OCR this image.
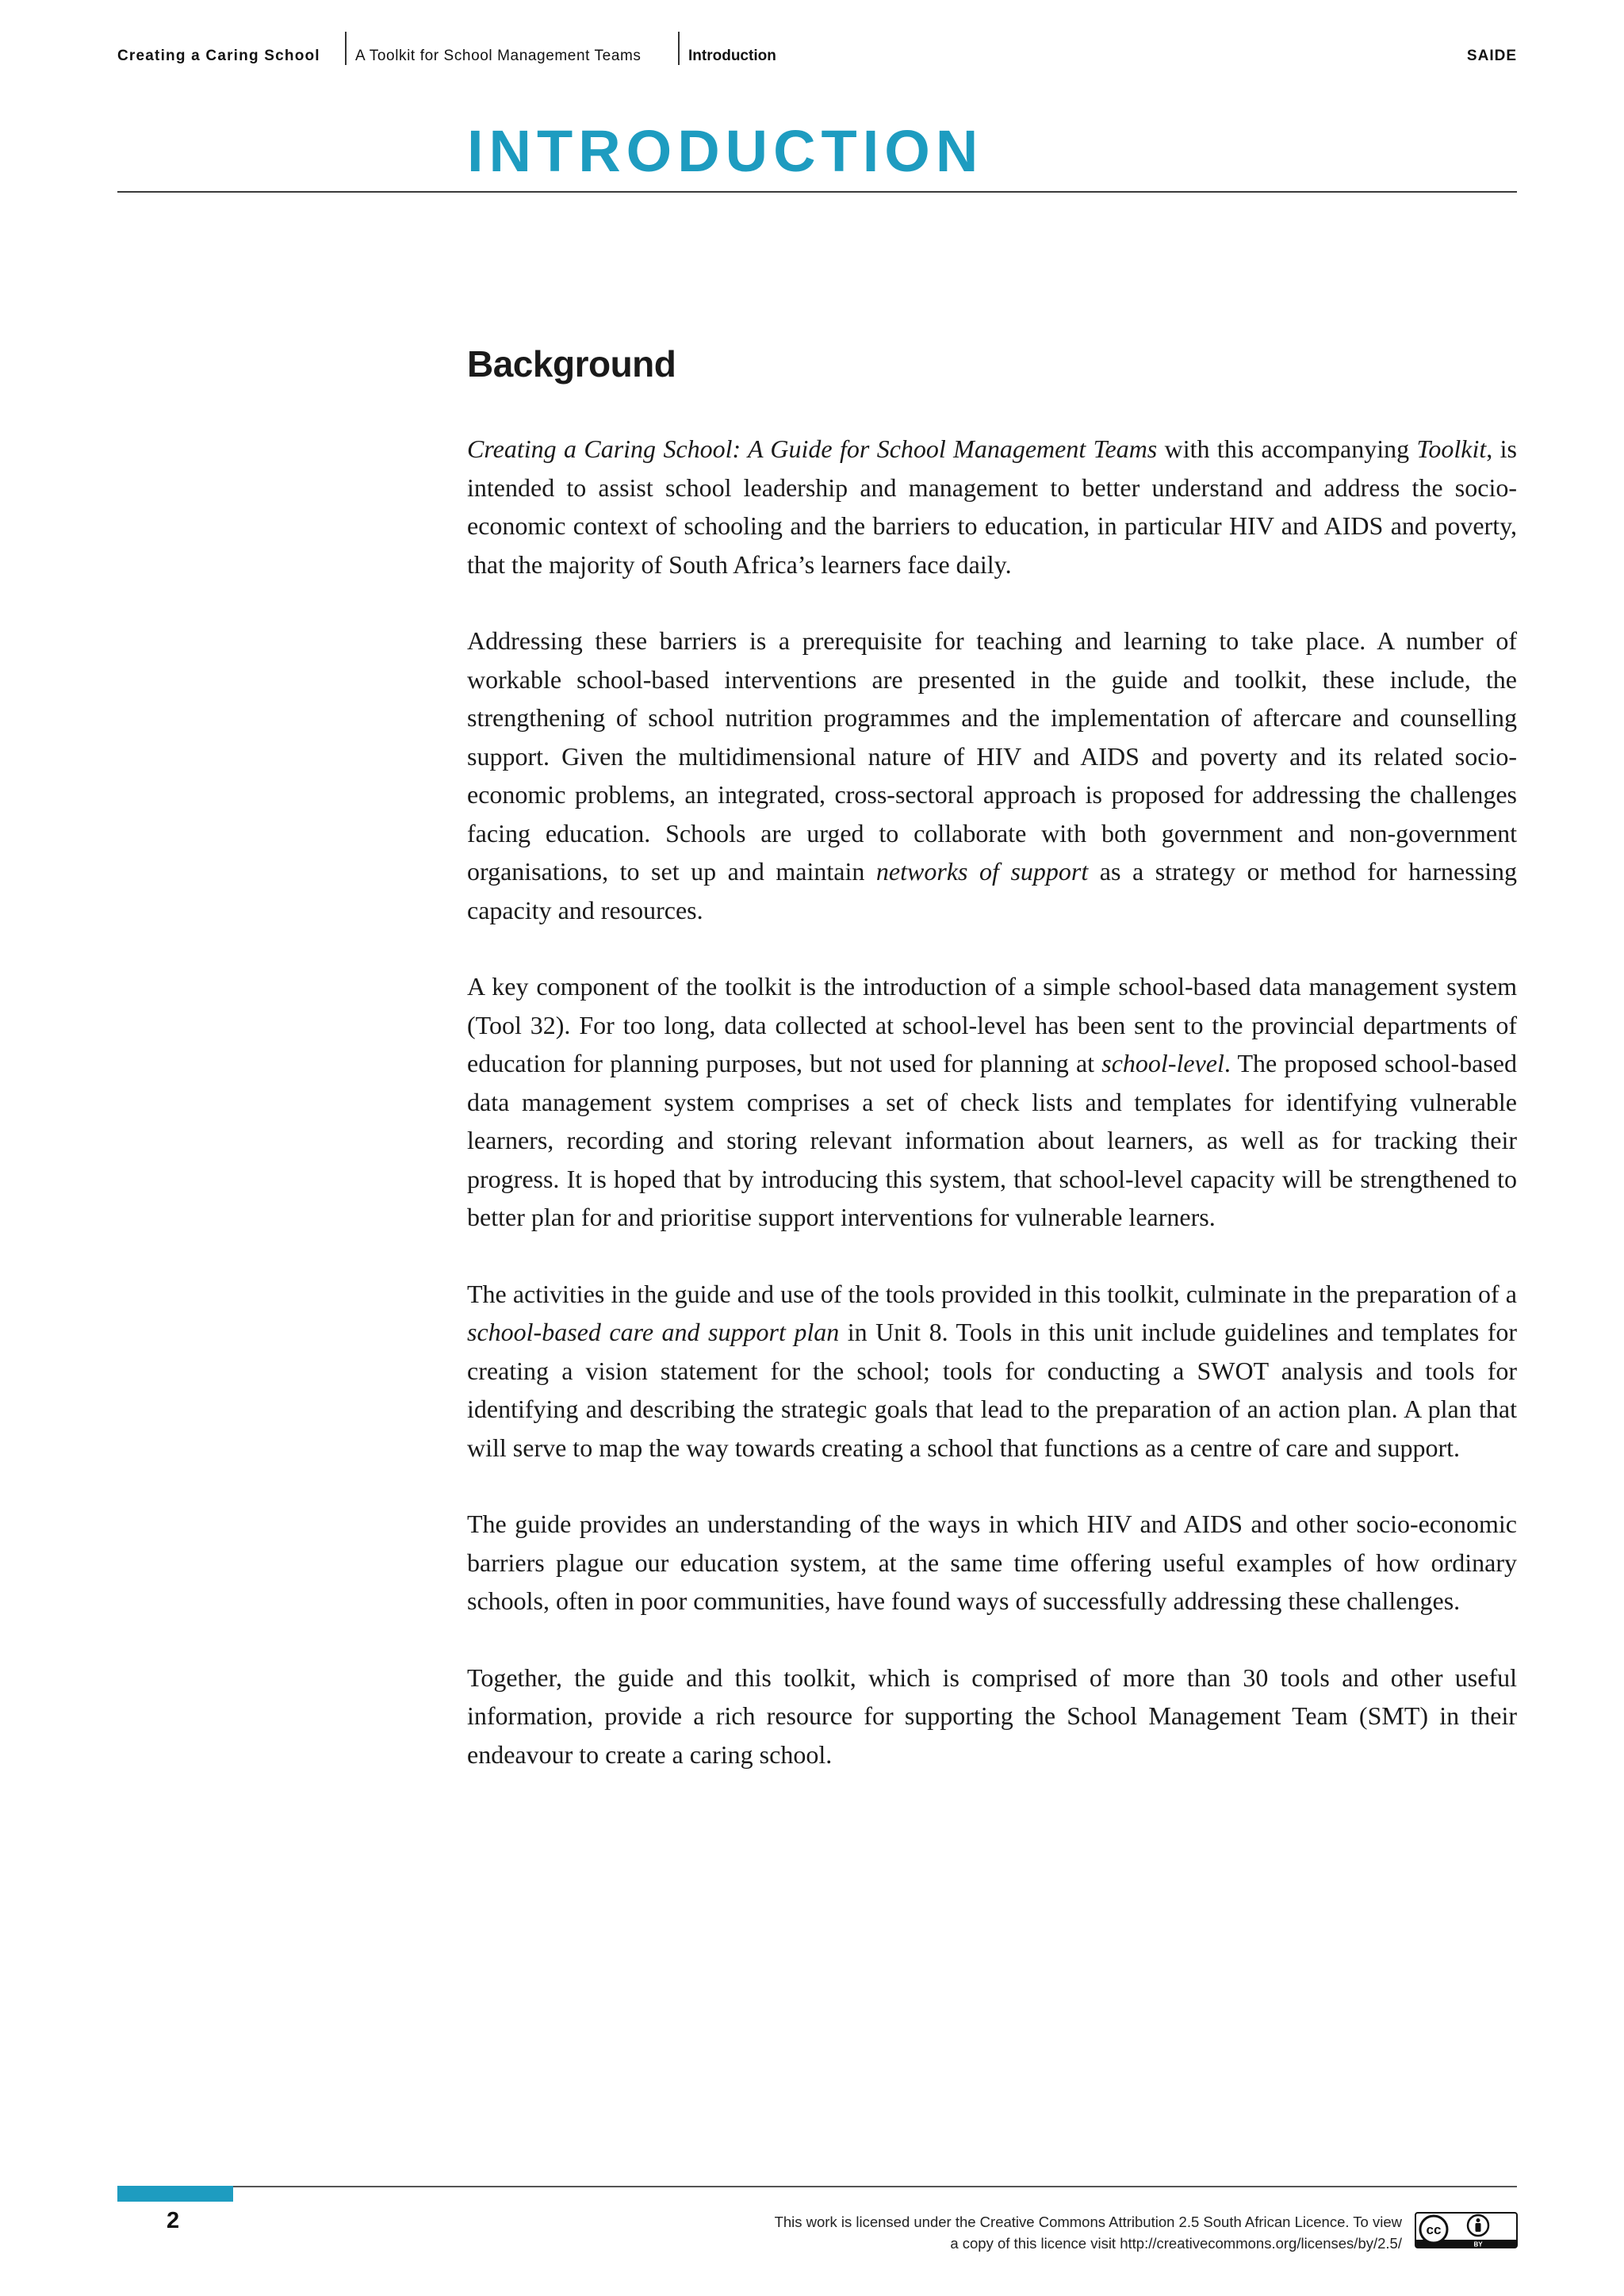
Creating a Caring School A Toolkit for School Management Teams	Introduction	SAIDE
INTRODUCTION
Background

Creating a Caring School: A Guide for School Management Teams with this accompanying Toolkit, is intended to assist school leadership and management to better understand and address the socio-economic context of schooling and the barriers to education, in particular HIV and AIDS and poverty, that the majority of South Africa’s learners face daily.

Addressing these barriers is a prerequisite for teaching and learning to take place. A number of workable school-based interventions are presented in the guide and toolkit, these include, the strengthening of school nutrition programmes and the implementation of aftercare and counselling support. Given the multidimensional nature of HIV and AIDS and poverty and its related socio-economic problems, an integrated, cross-sectoral approach is proposed for addressing the challenges facing education. Schools are urged to collaborate with both government and non-government organisations, to set up and maintain networks of support as a strategy or method for harnessing capacity and resources.

A key component of the toolkit is the introduction of a simple school-based data management system (Tool 32). For too long, data collected at school-level has been sent to the provincial departments of education for planning purposes, but not used for planning at school-level. The proposed school-based data management system comprises a set of check lists and templates for identifying vulnerable learners, recording and storing relevant information about learners, as well as for tracking their progress. It is hoped that by introducing this system, that school-level capacity will be strengthened to better plan for and prioritise support interventions for vulnerable learners.

The activities in the guide and use of the tools provided in this toolkit, culminate in the preparation of a school-based care and support plan in Unit 8. Tools in this unit include guidelines and templates for creating a vision statement for the school; tools for conducting a SWOT analysis and tools for identifying and describing the strategic goals that lead to the preparation of an action plan. A plan that will serve to map the way towards creating a school that functions as a centre of care and support.

The guide provides an understanding of the ways in which HIV and AIDS and other socio-economic barriers plague our education system, at the same time offering useful examples of how ordinary schools, often in poor communities, have found ways of successfully addressing these challenges.

Together, the guide and this toolkit, which is comprised of more than 30 tools and other useful information, provide a rich resource for supporting the School Management Team (SMT) in their endeavour to create a caring school.

2	This work is licensed under the Creative Commons Attribution 2.5 South African Licence. To view
a copy of this licence visit http://creativecommons.org/licenses/by/2.5/
cc
BY
